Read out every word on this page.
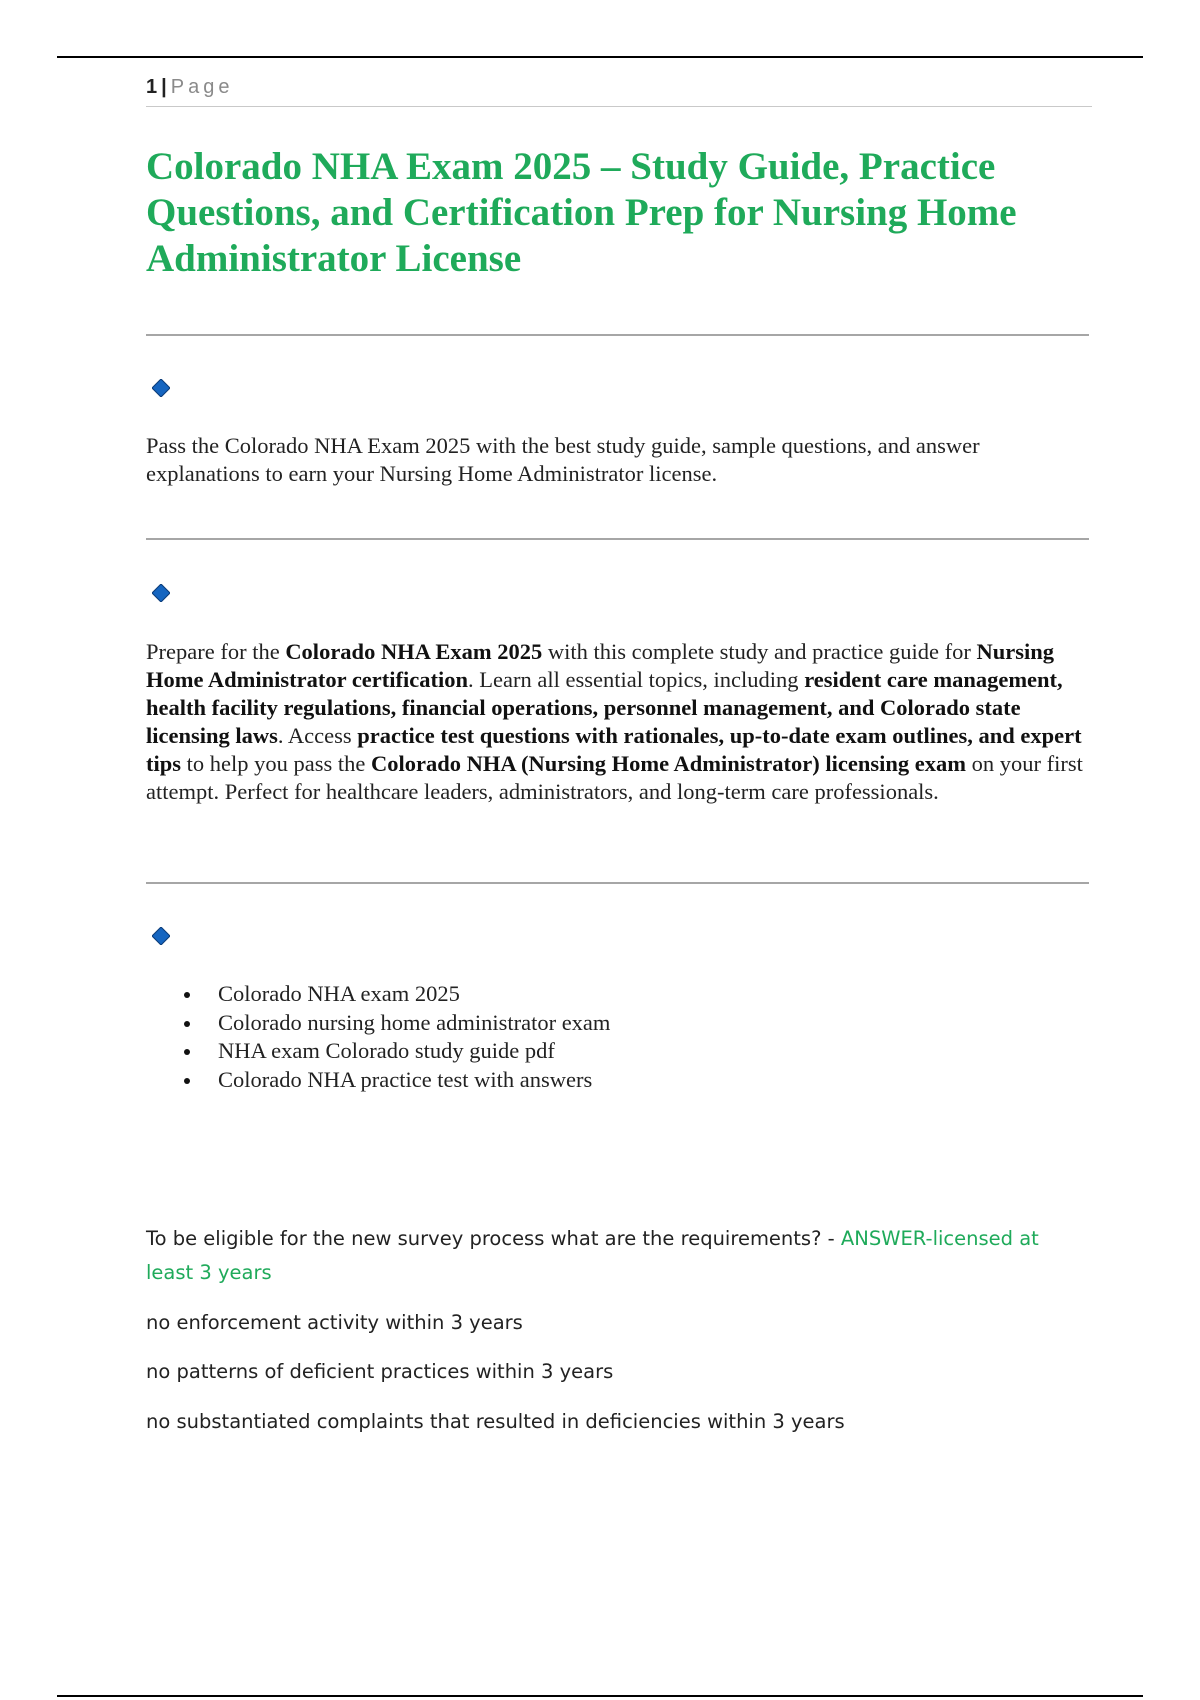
1 | Page
Colorado NHA Exam 2025 – Study Guide, Practice Questions, and Certification Prep for Nursing Home Administrator License

Pass the Colorado NHA Exam 2025 with the best study guide, sample questions, and answer explanations to earn your Nursing Home Administrator license.

Prepare for the Colorado NHA Exam 2025 with this complete study and practice guide for Nursing Home Administrator certification. Learn all essential topics, including resident care management, health facility regulations, financial operations, personnel management, and Colorado state licensing laws. Access practice test questions with rationales, up-to-date exam outlines, and expert tips to help you pass the Colorado NHA (Nursing Home Administrator) licensing exam on your first attempt. Perfect for healthcare leaders, administrators, and long-term care professionals.

Colorado NHA exam 2025
Colorado nursing home administrator exam
NHA exam Colorado study guide pdf
Colorado NHA practice test with answers

To be eligible for the new survey process what are the requirements? - ANSWER-licensed at least 3 years

no enforcement activity within 3 years

no patterns of deficient practices within 3 years

no substantiated complaints that resulted in deficiencies within 3 years
